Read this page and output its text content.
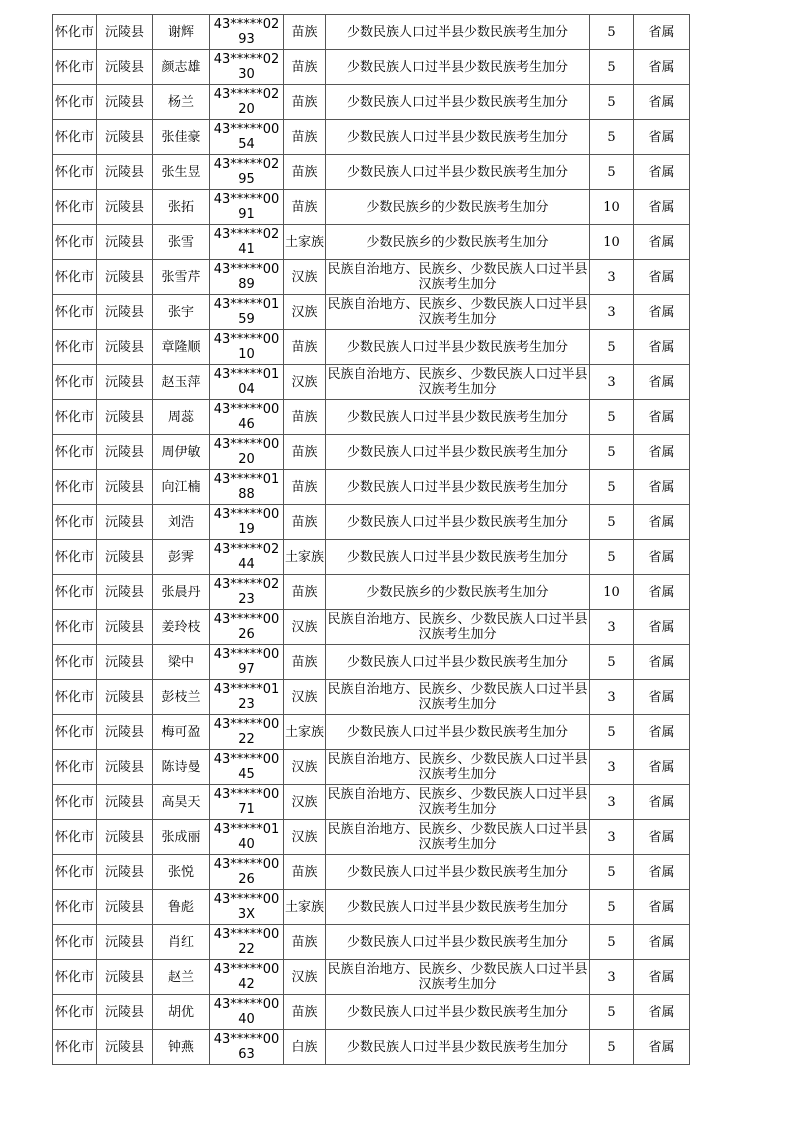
怀化市	沅陵县	谢辉	43*****0293	苗族	少数民族人口过半县少数民族考生加分	5	省属
怀化市	沅陵县	颜志雄	43*****0230	苗族	少数民族人口过半县少数民族考生加分	5	省属
怀化市	沅陵县	杨兰	43*****0220	苗族	少数民族人口过半县少数民族考生加分	5	省属
怀化市	沅陵县	张佳豪	43*****0054	苗族	少数民族人口过半县少数民族考生加分	5	省属
怀化市	沅陵县	张生昱	43*****0295	苗族	少数民族人口过半县少数民族考生加分	5	省属
怀化市	沅陵县	张拓	43*****0091	苗族	少数民族乡的少数民族考生加分	10	省属
怀化市	沅陵县	张雪	43*****0241	土家族	少数民族乡的少数民族考生加分	10	省属
怀化市	沅陵县	张雪芹	43*****0089	汉族	民族自治地方、民族乡、少数民族人口过半县汉族考生加分	3	省属
怀化市	沅陵县	张宇	43*****0159	汉族	民族自治地方、民族乡、少数民族人口过半县汉族考生加分	3	省属
怀化市	沅陵县	章隆顺	43*****0010	苗族	少数民族人口过半县少数民族考生加分	5	省属
怀化市	沅陵县	赵玉萍	43*****0104	汉族	民族自治地方、民族乡、少数民族人口过半县汉族考生加分	3	省属
怀化市	沅陵县	周蕊	43*****0046	苗族	少数民族人口过半县少数民族考生加分	5	省属
怀化市	沅陵县	周伊敏	43*****0020	苗族	少数民族人口过半县少数民族考生加分	5	省属
怀化市	沅陵县	向江楠	43*****0188	苗族	少数民族人口过半县少数民族考生加分	5	省属
怀化市	沅陵县	刘浩	43*****0019	苗族	少数民族人口过半县少数民族考生加分	5	省属
怀化市	沅陵县	彭霁	43*****0244	土家族	少数民族人口过半县少数民族考生加分	5	省属
怀化市	沅陵县	张晨丹	43*****0223	苗族	少数民族乡的少数民族考生加分	10	省属
怀化市	沅陵县	姜玲枝	43*****0026	汉族	民族自治地方、民族乡、少数民族人口过半县汉族考生加分	3	省属
怀化市	沅陵县	梁中	43*****0097	苗族	少数民族人口过半县少数民族考生加分	5	省属
怀化市	沅陵县	彭枝兰	43*****0123	汉族	民族自治地方、民族乡、少数民族人口过半县汉族考生加分	3	省属
怀化市	沅陵县	梅可盈	43*****0022	土家族	少数民族人口过半县少数民族考生加分	5	省属
怀化市	沅陵县	陈诗曼	43*****0045	汉族	民族自治地方、民族乡、少数民族人口过半县汉族考生加分	3	省属
怀化市	沅陵县	高昊天	43*****0071	汉族	民族自治地方、民族乡、少数民族人口过半县汉族考生加分	3	省属
怀化市	沅陵县	张成丽	43*****0140	汉族	民族自治地方、民族乡、少数民族人口过半县汉族考生加分	3	省属
怀化市	沅陵县	张悦	43*****0026	苗族	少数民族人口过半县少数民族考生加分	5	省属
怀化市	沅陵县	鲁彪	43*****003X	土家族	少数民族人口过半县少数民族考生加分	5	省属
怀化市	沅陵县	肖红	43*****0022	苗族	少数民族人口过半县少数民族考生加分	5	省属
怀化市	沅陵县	赵兰	43*****0042	汉族	民族自治地方、民族乡、少数民族人口过半县汉族考生加分	3	省属
怀化市	沅陵县	胡优	43*****0040	苗族	少数民族人口过半县少数民族考生加分	5	省属
怀化市	沅陵县	钟燕	43*****0063	白族	少数民族人口过半县少数民族考生加分	5	省属
